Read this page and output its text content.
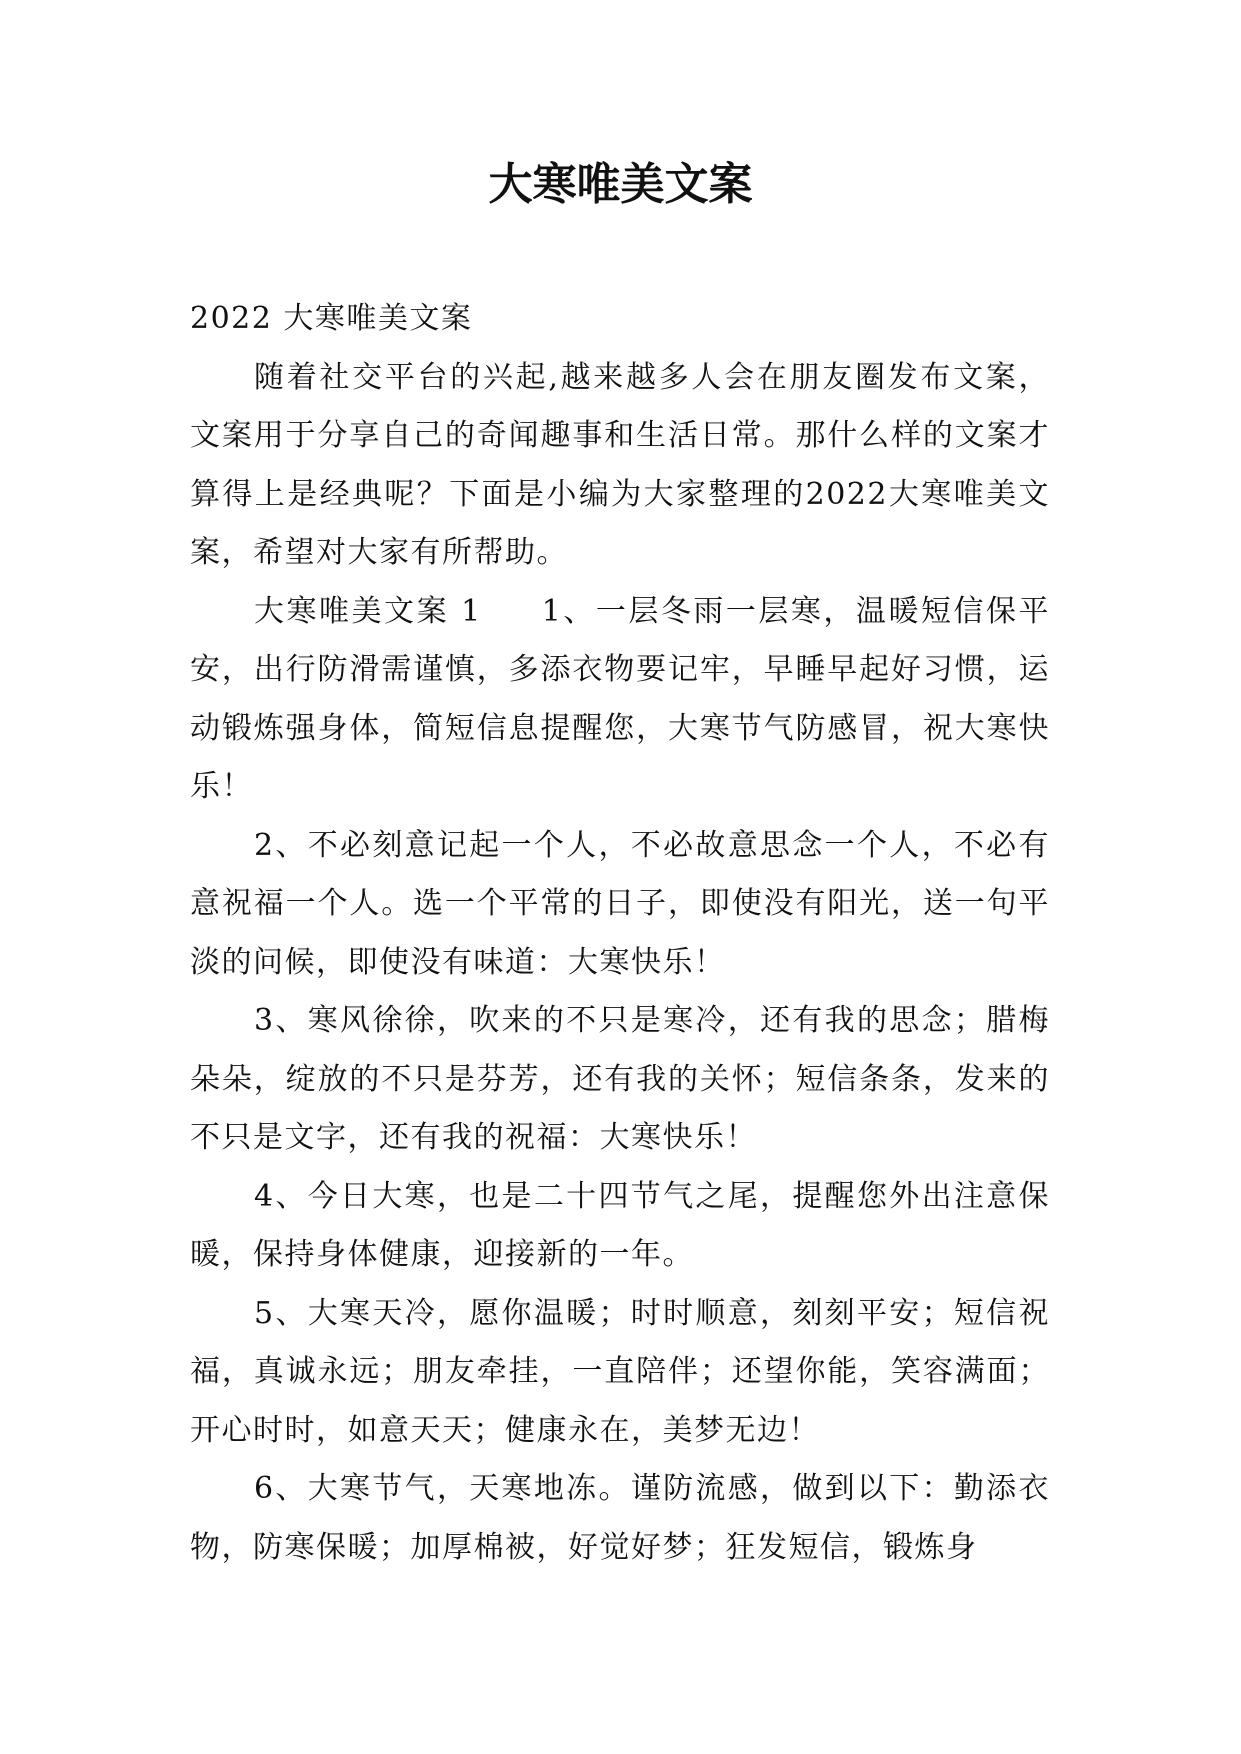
大寒唯美文案

2022 大寒唯美文案

随着社交平台的兴起,越来越多人会在朋友圈发布文案，文案用于分享自己的奇闻趣事和生活日常。那什么样的文案才算得上是经典呢？下面是小编为大家整理的2022大寒唯美文案，希望对大家有所帮助。

大寒唯美文案 1 1、一层冬雨一层寒，温暖短信保平安，出行防滑需谨慎，多添衣物要记牢，早睡早起好习惯，运动锻炼强身体，简短信息提醒您，大寒节气防感冒，祝大寒快乐！

2、不必刻意记起一个人，不必故意思念一个人，不必有意祝福一个人。选一个平常的日子，即使没有阳光，送一句平淡的问候，即使没有味道：大寒快乐！

3、寒风徐徐，吹来的不只是寒冷，还有我的思念；腊梅朵朵，绽放的不只是芬芳，还有我的关怀；短信条条，发来的不只是文字，还有我的祝福：大寒快乐！

4、今日大寒，也是二十四节气之尾，提醒您外出注意保暖，保持身体健康，迎接新的一年。

5、大寒天冷，愿你温暖；时时顺意，刻刻平安；短信祝福，真诚永远；朋友牵挂，一直陪伴；还望你能，笑容满面；开心时时，如意天天；健康永在，美梦无边！

6、大寒节气，天寒地冻。谨防流感，做到以下：勤添衣物，防寒保暖；加厚棉被，好觉好梦；狂发短信，锻炼身
